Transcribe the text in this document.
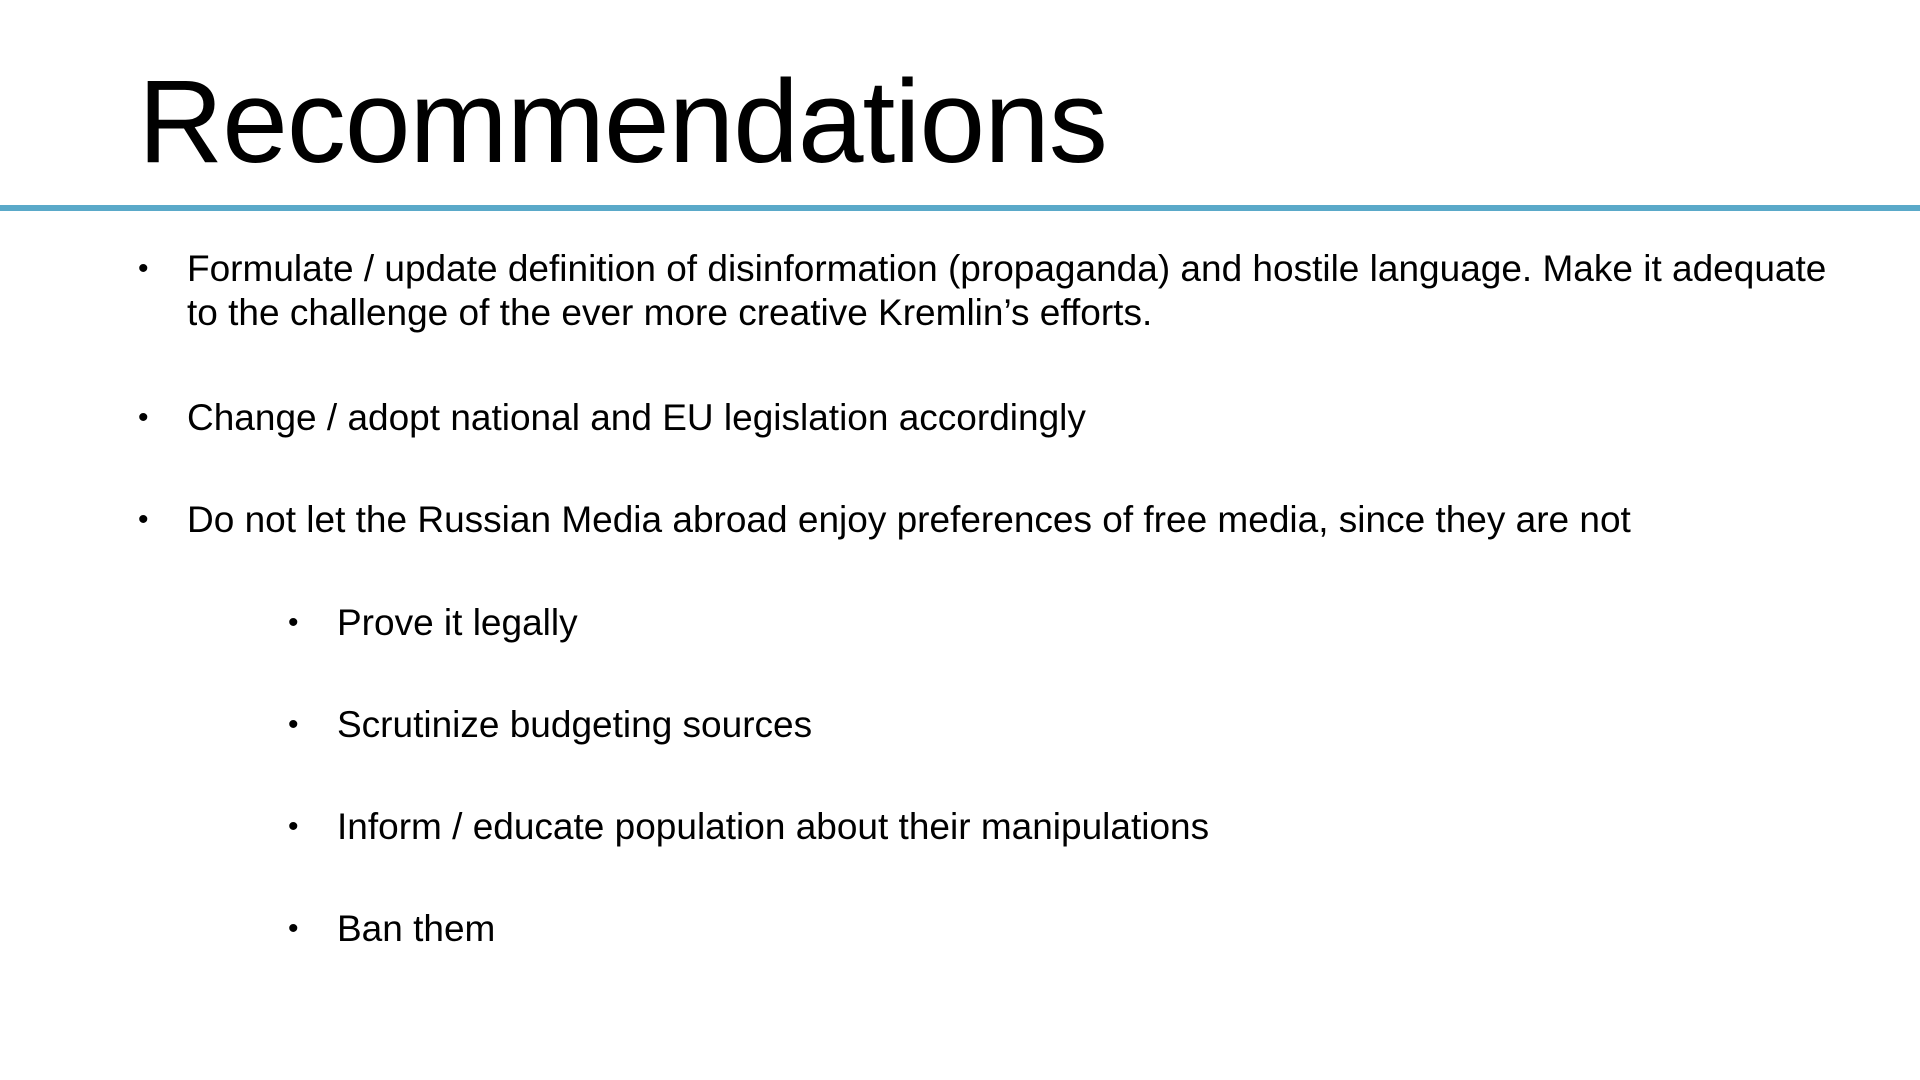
Recommendations
• Formulate / update definition of disinformation (propaganda) and hostile language. Make it adequate to the challenge of the ever more creative Kremlin’s efforts.
• Change / adopt national and EU legislation accordingly
• Do not let the Russian Media abroad enjoy preferences of free media, since they are not
• Prove it legally
• Scrutinize budgeting sources
• Inform / educate population about their manipulations
• Ban them
